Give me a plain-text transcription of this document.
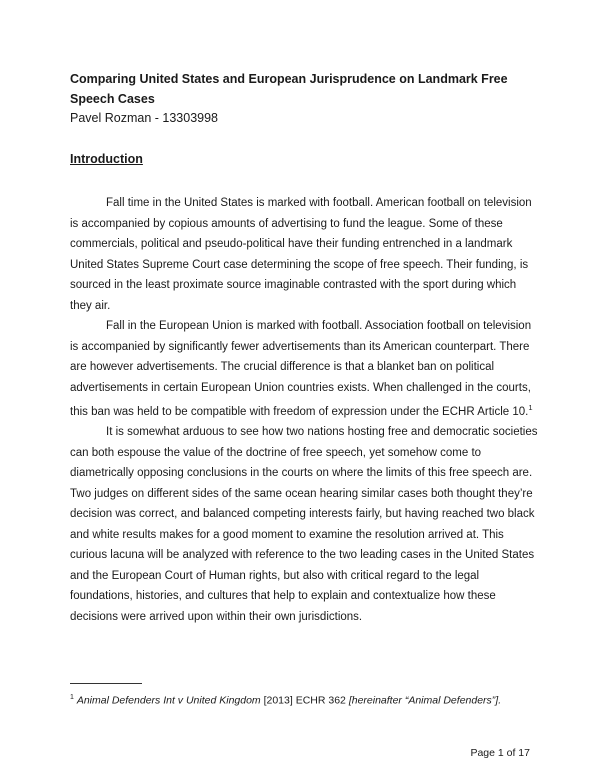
Comparing United States and European Jurisprudence on Landmark Free Speech Cases
Pavel Rozman - 13303998
Introduction

Fall time in the United States is marked with football. American football on television is accompanied by copious amounts of advertising to fund the league. Some of these commercials, political and pseudo-political have their funding entrenched in a landmark United States Supreme Court case determining the scope of free speech. Their funding, is sourced in the least proximate source imaginable contrasted with the sport during which they air.

Fall in the European Union is marked with football. Association football on television is accompanied by significantly fewer advertisements than its American counterpart. There are however advertisements. The crucial difference is that a blanket ban on political advertisements in certain European Union countries exists. When challenged in the courts, this ban was held to be compatible with freedom of expression under the ECHR Article 10.$^1$

It is somewhat arduous to see how two nations hosting free and democratic societies can both espouse the value of the doctrine of free speech, yet somehow come to diametrically opposing conclusions in the courts on where the limits of this free speech are. Two judges on different sides of the same ocean hearing similar cases both thought they’re decision was correct, and balanced competing interests fairly, but having reached two black and white results makes for a good moment to examine the resolution arrived at. This curious lacuna will be analyzed with reference to the two leading cases in the United States and the European Court of Human rights, but also with critical regard to the legal foundations, histories, and cultures that help to explain and contextualize how these decisions were arrived upon within their own jurisdictions.

$^1$ Animal Defenders Int v United Kingdom [2013] ECHR 362 [hereinafter “Animal Defenders”].
Page 1 of 17
